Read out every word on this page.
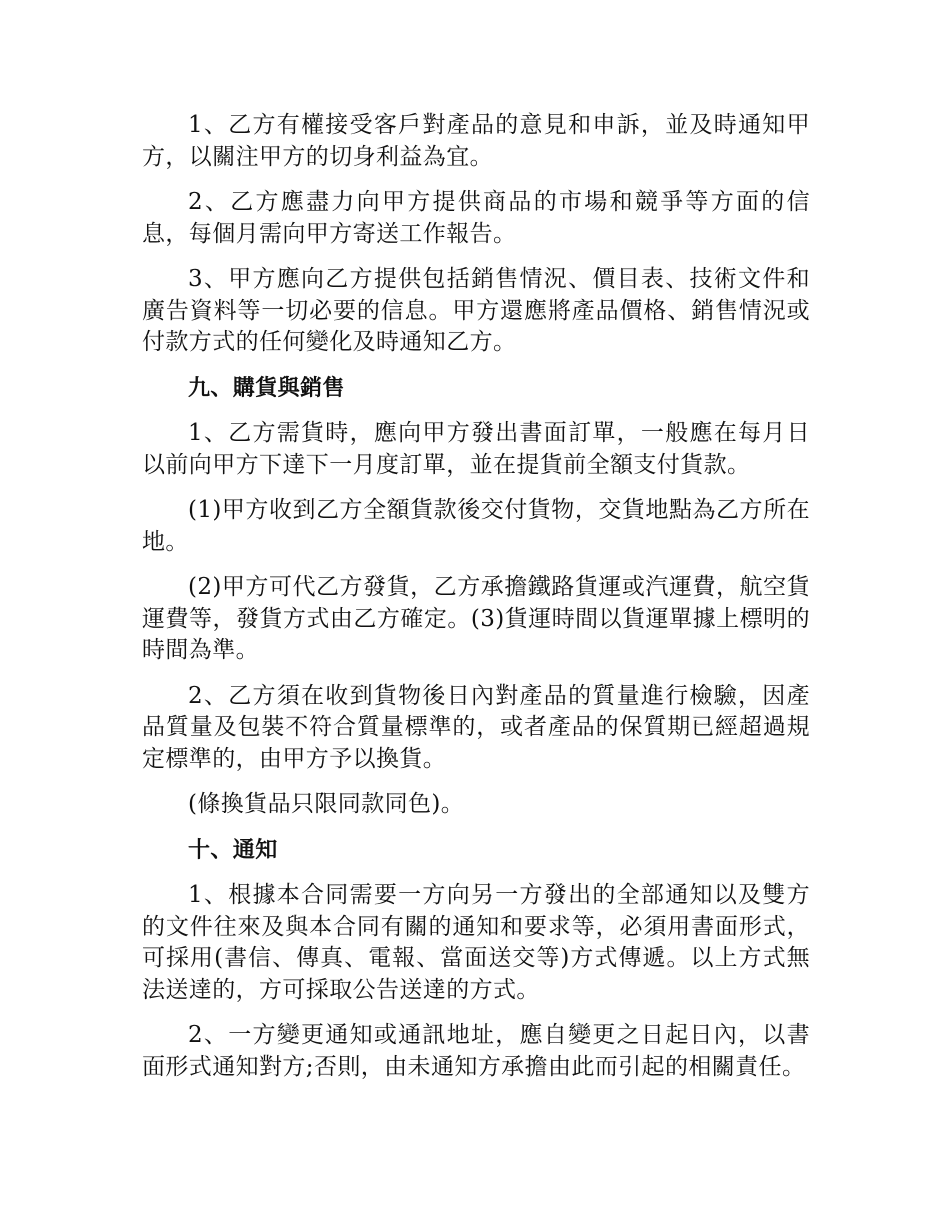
1、乙方有權接受客戶對產品的意見和申訴，並及時通知甲方，以關注甲方的切身利益為宜。

2、乙方應盡力向甲方提供商品的市場和競爭等方面的信息，每個月需向甲方寄送工作報告。

3、甲方應向乙方提供包括銷售情況、價目表、技術文件和廣告資料等一切必要的信息。甲方還應將產品價格、銷售情況或付款方式的任何變化及時通知乙方。

九、購貨與銷售

1、乙方需貨時，應向甲方發出書面訂單，一般應在每月日以前向甲方下達下一月度訂單，並在提貨前全額支付貨款。

(1)甲方收到乙方全額貨款後交付貨物，交貨地點為乙方所在地。

(2)甲方可代乙方發貨，乙方承擔鐵路貨運或汽運費，航空貨運費等，發貨方式由乙方確定。(3)貨運時間以貨運單據上標明的時間為準。

2、乙方須在收到貨物後日內對產品的質量進行檢驗，因產品質量及包裝不符合質量標準的，或者產品的保質期已經超過規定標準的，由甲方予以換貨。

(條換貨品只限同款同色)。

十、通知

1、根據本合同需要一方向另一方發出的全部通知以及雙方的文件往來及與本合同有關的通知和要求等，必須用書面形式，可採用(書信、傳真、電報、當面送交等)方式傳遞。以上方式無法送達的，方可採取公告送達的方式。

2、一方變更通知或通訊地址，應自變更之日起日內，以書面形式通知對方;否則，由未通知方承擔由此而引起的相關責任。
